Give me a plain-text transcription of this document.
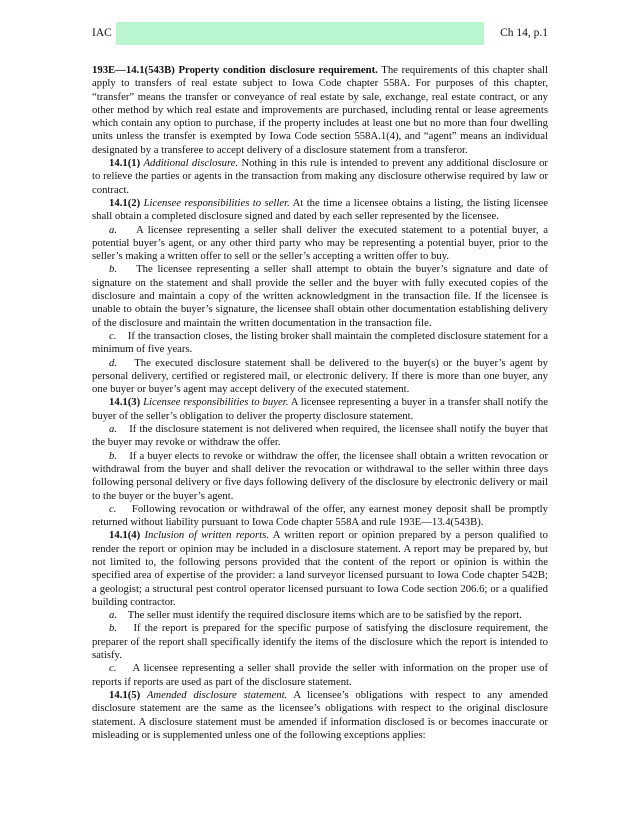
IAC	Ch 14, p.1

193E—14.1(543B) Property condition disclosure requirement. The requirements of this chapter shall apply to transfers of real estate subject to Iowa Code chapter 558A. For purposes of this chapter, “transfer” means the transfer or conveyance of real estate by sale, exchange, real estate contract, or any other method by which real estate and improvements are purchased, including rental or lease agreements which contain any option to purchase, if the property includes at least one but no more than four dwelling units unless the transfer is exempted by Iowa Code section 558A.1(4), and “agent” means an individual designated by a transferee to accept delivery of a disclosure statement from a transferor.

14.1(1) Additional disclosure. Nothing in this rule is intended to prevent any additional disclosure or to relieve the parties or agents in the transaction from making any disclosure otherwise required by law or contract.

14.1(2) Licensee responsibilities to seller. At the time a licensee obtains a listing, the listing licensee shall obtain a completed disclosure signed and dated by each seller represented by the licensee.

a. A licensee representing a seller shall deliver the executed statement to a potential buyer, a potential buyer’s agent, or any other third party who may be representing a potential buyer, prior to the seller’s making a written offer to sell or the seller’s accepting a written offer to buy.

b. The licensee representing a seller shall attempt to obtain the buyer’s signature and date of signature on the statement and shall provide the seller and the buyer with fully executed copies of the disclosure and maintain a copy of the written acknowledgment in the transaction file. If the licensee is unable to obtain the buyer’s signature, the licensee shall obtain other documentation establishing delivery of the disclosure and maintain the written documentation in the transaction file.

c. If the transaction closes, the listing broker shall maintain the completed disclosure statement for a minimum of five years.

d. The executed disclosure statement shall be delivered to the buyer(s) or the buyer’s agent by personal delivery, certified or registered mail, or electronic delivery. If there is more than one buyer, any one buyer or buyer’s agent may accept delivery of the executed statement.

14.1(3) Licensee responsibilities to buyer. A licensee representing a buyer in a transfer shall notify the buyer of the seller’s obligation to deliver the property disclosure statement.

a. If the disclosure statement is not delivered when required, the licensee shall notify the buyer that the buyer may revoke or withdraw the offer.

b. If a buyer elects to revoke or withdraw the offer, the licensee shall obtain a written revocation or withdrawal from the buyer and shall deliver the revocation or withdrawal to the seller within three days following personal delivery or five days following delivery of the disclosure by electronic delivery or mail to the buyer or the buyer’s agent.

c. Following revocation or withdrawal of the offer, any earnest money deposit shall be promptly returned without liability pursuant to Iowa Code chapter 558A and rule 193E—13.4(543B).

14.1(4) Inclusion of written reports. A written report or opinion prepared by a person qualified to render the report or opinion may be included in a disclosure statement. A report may be prepared by, but not limited to, the following persons provided that the content of the report or opinion is within the specified area of expertise of the provider: a land surveyor licensed pursuant to Iowa Code chapter 542B; a geologist; a structural pest control operator licensed pursuant to Iowa Code section 206.6; or a qualified building contractor.

a. The seller must identify the required disclosure items which are to be satisfied by the report.

b. If the report is prepared for the specific purpose of satisfying the disclosure requirement, the preparer of the report shall specifically identify the items of the disclosure which the report is intended to satisfy.

c. A licensee representing a seller shall provide the seller with information on the proper use of reports if reports are used as part of the disclosure statement.

14.1(5) Amended disclosure statement. A licensee’s obligations with respect to any amended disclosure statement are the same as the licensee’s obligations with respect to the original disclosure statement. A disclosure statement must be amended if information disclosed is or becomes inaccurate or misleading or is supplemented unless one of the following exceptions applies:
